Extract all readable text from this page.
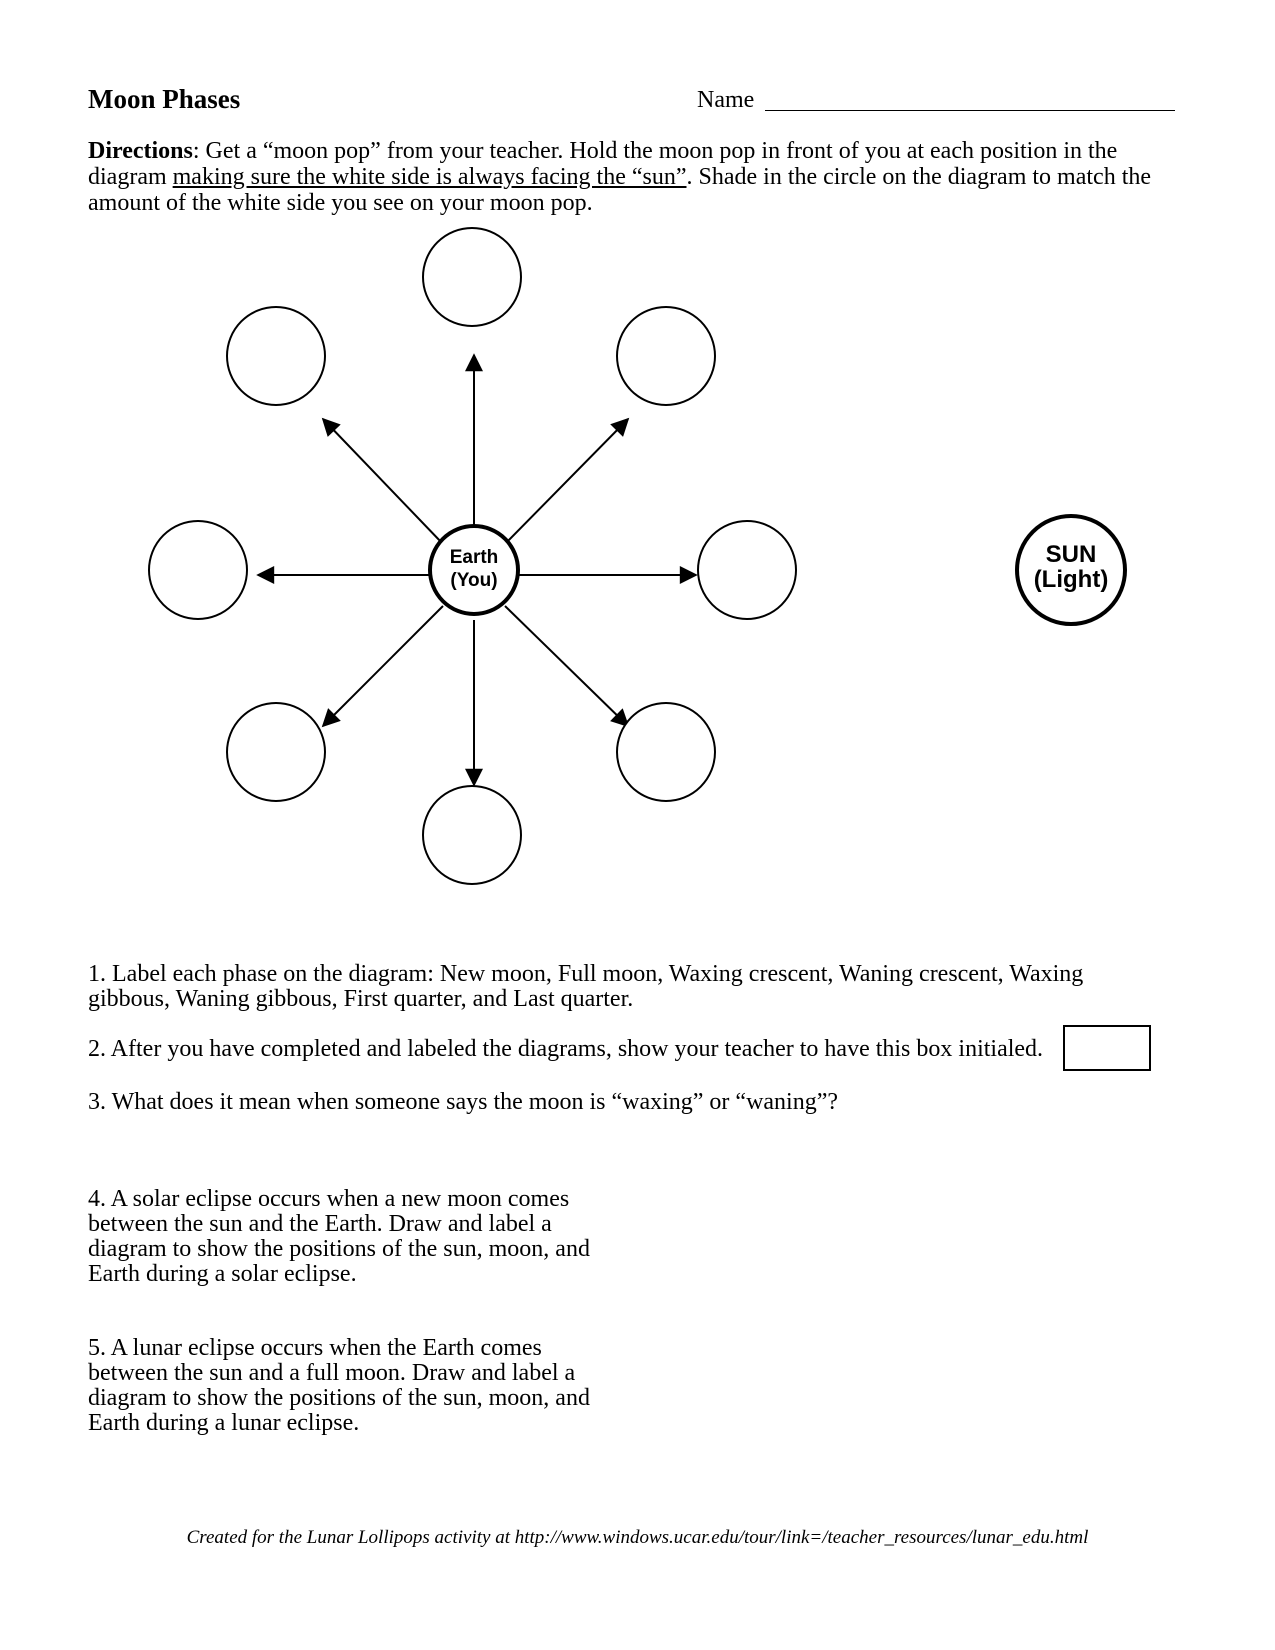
Moon Phases	Name
Directions: Get a “moon pop” from your teacher. Hold the moon pop in front of you at each position in the diagram making sure the white side is always facing the “sun”. Shade in the circle on the diagram to match the amount of the white side you see on your moon pop.
Earth
(You)
SUN
(Light)
1. Label each phase on the diagram: New moon, Full moon, Waxing crescent, Waning crescent, Waxing gibbous, Waning gibbous, First quarter, and Last quarter.
2. After you have completed and labeled the diagrams, show your teacher to have this box initialed.
3. What does it mean when someone says the moon is “waxing” or “waning”?
4. A solar eclipse occurs when a new moon comes between the sun and the Earth. Draw and label a diagram to show the positions of the sun, moon, and Earth during a solar eclipse.
5. A lunar eclipse occurs when the Earth comes between the sun and a full moon. Draw and label a diagram to show the positions of the sun, moon, and Earth during a lunar eclipse.
Created for the Lunar Lollipops activity at http://www.windows.ucar.edu/tour/link=/teacher_resources/lunar_edu.html
